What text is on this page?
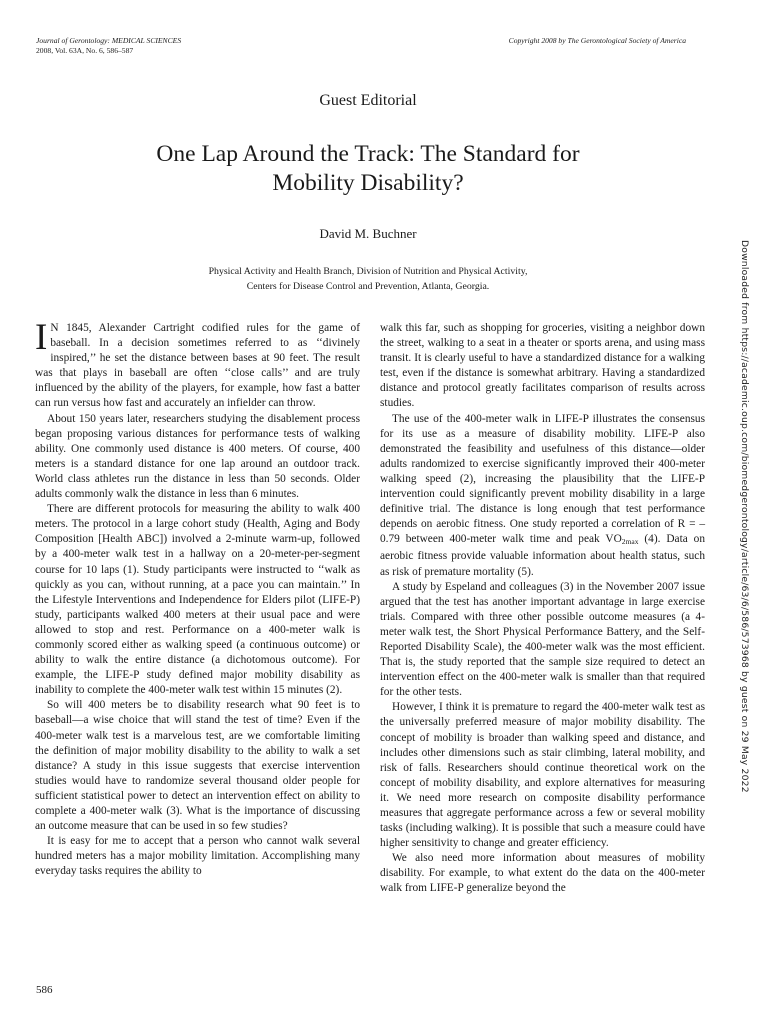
Journal of Gerontology: MEDICAL SCIENCES
2008, Vol. 63A, No. 6, 586–587
Copyright 2008 by The Gerontological Society of America
Guest Editorial
One Lap Around the Track: The Standard for
Mobility Disability?
David M. Buchner
Physical Activity and Health Branch, Division of Nutrition and Physical Activity,
Centers for Disease Control and Prevention, Atlanta, Georgia.

I N 1845, Alexander Cartright codified rules for the game of baseball. In a decision sometimes referred to as ‘‘divinely inspired,’’ he set the distance between bases at 90 feet. The result was that plays in baseball are often ‘‘close calls’’ and are truly influenced by the ability of the players, for example, how fast a batter can run versus how fast and accurately an infielder can throw.

About 150 years later, researchers studying the disablement process began proposing various distances for performance tests of walking ability. One commonly used distance is 400 meters. Of course, 400 meters is a standard distance for one lap around an outdoor track. World class athletes run the distance in less than 50 seconds. Older adults commonly walk the distance in less than 6 minutes.

There are different protocols for measuring the ability to walk 400 meters. The protocol in a large cohort study (Health, Aging and Body Composition [Health ABC]) involved a 2-minute warm-up, followed by a 400-meter walk test in a hallway on a 20-meter-per-segment course for 10 laps (1). Study participants were instructed to ‘‘walk as quickly as you can, without running, at a pace you can maintain.’’ In the Lifestyle Interventions and Independence for Elders pilot (LIFE-P) study, participants walked 400 meters at their usual pace and were allowed to stop and rest. Performance on a 400-meter walk is commonly scored either as walking speed (a continuous outcome) or ability to walk the entire distance (a dichotomous outcome). For example, the LIFE-P study defined major mobility disability as inability to complete the 400-meter walk test within 15 minutes (2).

So will 400 meters be to disability research what 90 feet is to baseball—a wise choice that will stand the test of time? Even if the 400-meter walk test is a marvelous test, are we comfortable limiting the definition of major mobility disability to the ability to walk a set distance? A study in this issue suggests that exercise intervention studies would have to randomize several thousand older people for sufficient statistical power to detect an intervention effect on ability to complete a 400-meter walk (3). What is the importance of discussing an outcome measure that can be used in so few studies?

It is easy for me to accept that a person who cannot walk several hundred meters has a major mobility limitation. Accomplishing many everyday tasks requires the ability to

walk this far, such as shopping for groceries, visiting a neighbor down the street, walking to a seat in a theater or sports arena, and using mass transit. It is clearly useful to have a standardized distance for a walking test, even if the distance is somewhat arbitrary. Having a standardized distance and protocol greatly facilitates comparison of results across studies.

The use of the 400-meter walk in LIFE-P illustrates the consensus for its use as a measure of disability mobility. LIFE-P also demonstrated the feasibility and usefulness of this distance—older adults randomized to exercise significantly improved their 400-meter walking speed (2), increasing the plausibility that the LIFE-P intervention could significantly prevent mobility disability in a large definitive trial. The distance is long enough that test performance depends on aerobic fitness. One study reported a correlation of R = –0.79 between 400-meter walk time and peak $VO_{2max}$ (4). Data on aerobic fitness provide valuable information about health status, such as risk of premature mortality (5).

A study by Espeland and colleagues (3) in the November 2007 issue argued that the test has another important advantage in large exercise trials. Compared with three other possible outcome measures (a 4-meter walk test, the Short Physical Performance Battery, and the Self-Reported Disability Scale), the 400-meter walk was the most efficient. That is, the study reported that the sample size required to detect an intervention effect on the 400-meter walk is smaller than that required for the other tests.

However, I think it is premature to regard the 400-meter walk test as the universally preferred measure of major mobility disability. The concept of mobility is broader than walking speed and distance, and includes other dimensions such as stair climbing, lateral mobility, and risk of falls. Researchers should continue theoretical work on the concept of mobility disability, and explore alternatives for measuring it. We need more research on composite disability performance measures that aggregate performance across a few or several mobility tasks (including walking). It is possible that such a measure could have higher sensitivity to change and greater efficiency.

We also need more information about measures of mobility disability. For example, to what extent do the data on the 400-meter walk from LIFE-P generalize beyond the

586
Downloaded from https://academic.oup.com/biomedgerontology/article/63/6/586/573968 by guest on 29 May 2022
